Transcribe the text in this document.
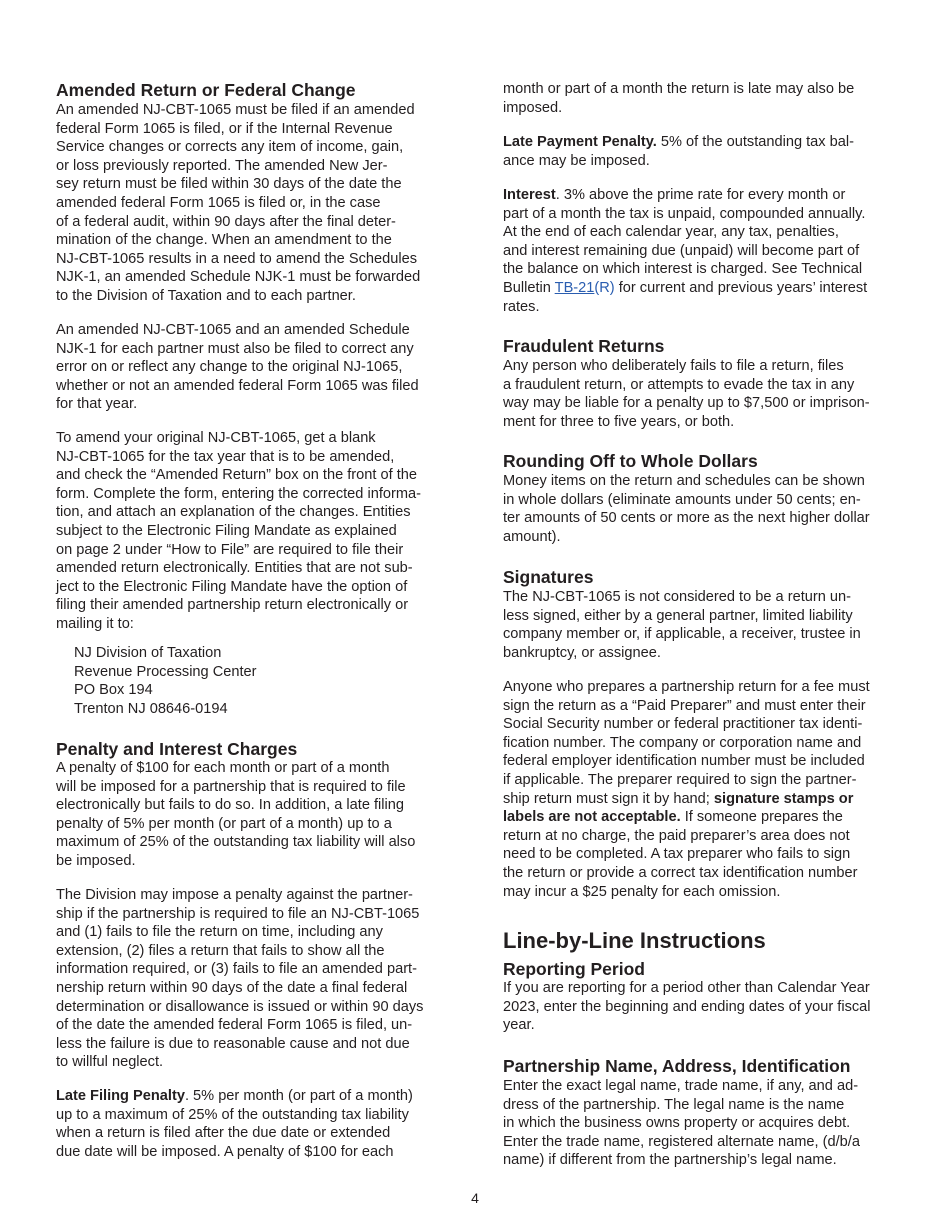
Amended Return or Federal Change
An amended NJ-CBT-1065 must be filed if an amended
federal Form 1065 is filed, or if the Internal Revenue
Service changes or corrects any item of income, gain,
or loss previously reported. The amended New Jer-
sey return must be filed within 30 days of the date the
amended federal Form 1065 is filed or, in the case
of a federal audit, within 90 days after the final deter-
mination of the change. When an amendment to the
NJ-CBT-1065 results in a need to amend the Schedules
NJK-1, an amended Schedule NJK-1 must be forwarded
to the Division of Taxation and to each partner.
An amended NJ-CBT-1065 and an amended Schedule
NJK-1 for each partner must also be filed to correct any
error on or reflect any change to the original NJ-1065,
whether or not an amended federal Form 1065 was filed
for that year.
To amend your original NJ-CBT-1065, get a blank
NJ-CBT-1065 for the tax year that is to be amended,
and check the “Amended Return” box on the front of the
form. Complete the form, entering the corrected informa-
tion, and attach an explanation of the changes. Entities
subject to the Electronic Filing Mandate as explained
on page 2 under “How to File” are required to file their
amended return electronically. Entities that are not sub-
ject to the Electronic Filing Mandate have the option of
filing their amended partnership return electronically or
mailing it to:
NJ Division of Taxation
Revenue Processing Center
PO Box 194
Trenton NJ 08646-0194
Penalty and Interest Charges
A penalty of $100 for each month or part of a month
will be imposed for a partnership that is required to file
electronically but fails to do so. In addition, a late filing
penalty of 5% per month (or part of a month) up to a
maximum of 25% of the outstanding tax liability will also
be imposed.
The Division may impose a penalty against the partner-
ship if the partnership is required to file an NJ-CBT-1065
and (1) fails to file the return on time, including any
extension, (2) files a return that fails to show all the
information required, or (3) fails to file an amended part-
nership return within 90 days of the date a final federal
determination or disallowance is issued or within 90 days
of the date the amended federal Form 1065 is filed, un-
less the failure is due to reasonable cause and not due
to willful neglect.
Late Filing Penalty. 5% per month (or part of a month)
up to a maximum of 25% of the outstanding tax liability
when a return is filed after the due date or extended
due date will be imposed. A penalty of $100 for each
month or part of a month the return is late may also be
imposed.
Late Payment Penalty. 5% of the outstanding tax bal-
ance may be imposed.
Interest. 3% above the prime rate for every month or
part of a month the tax is unpaid, compounded annually.
At the end of each calendar year, any tax, penalties,
and interest remaining due (unpaid) will become part of
the balance on which interest is charged. See Technical
Bulletin TB-21(R) for current and previous years’ interest
rates.
Fraudulent Returns
Any person who deliberately fails to file a return, files
a fraudulent return, or attempts to evade the tax in any
way may be liable for a penalty up to $7,500 or imprison-
ment for three to five years, or both.
Rounding Off to Whole Dollars
Money items on the return and schedules can be shown
in whole dollars (eliminate amounts under 50 cents; en-
ter amounts of 50 cents or more as the next higher dollar
amount).
Signatures
The NJ-CBT-1065 is not considered to be a return un-
less signed, either by a general partner, limited liability
company member or, if applicable, a receiver, trustee in
bankruptcy, or assignee.
Anyone who prepares a partnership return for a fee must
sign the return as a “Paid Preparer” and must enter their
Social Security number or federal practitioner tax identi-
fication number. The company or corporation name and
federal employer identification number must be included
if applicable. The preparer required to sign the partner-
ship return must sign it by hand; signature stamps or
labels are not acceptable. If someone prepares the
return at no charge, the paid preparer’s area does not
need to be completed. A tax preparer who fails to sign
the return or provide a correct tax identification number
may incur a $25 penalty for each omission.
Line-by-Line Instructions
Reporting Period
If you are reporting for a period other than Calendar Year
2023, enter the beginning and ending dates of your fiscal
year.
Partnership Name, Address, Identification
Enter the exact legal name, trade name, if any, and ad-
dress of the partnership. The legal name is the name
in which the business owns property or acquires debt.
Enter the trade name, registered alternate name, (d/b/a
name) if different from the partnership’s legal name.
4
